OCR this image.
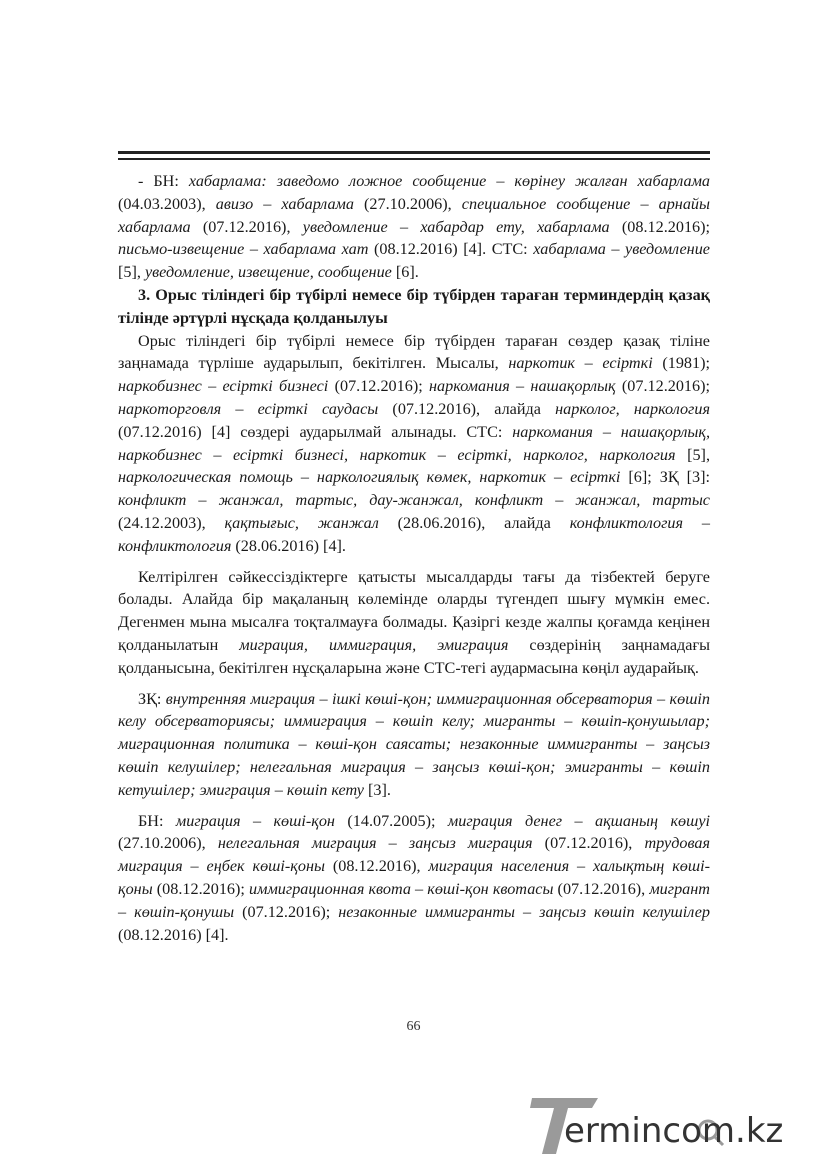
- БН: хабарлама: заведомо ложное сообщение – көрінеу жалған хабарлама (04.03.2003), авизо – хабарлама (27.10.2006), специальное сообщение – арнайы хабарлама (07.12.2016), уведомление – хабардар ету, хабарлама (08.12.2016); письмо-извещение – хабарлама хат (08.12.2016) [4]. СТС: хабарлама – уведомление [5], уведомление, извещение, сообщение [6].

3. Орыс тіліндегі бір түбірлі немесе бір түбірден тараған терминдердің қазақ тілінде әртүрлі нұсқада қолданылуы

Орыс тіліндегі бір түбірлі немесе бір түбірден тараған сөздер қазақ тіліне заңнамада түрліше аударылып, бекітілген. Мысалы, наркотик – есірткі (1981); наркобизнес – есірткі бизнесі (07.12.2016); наркомания – нашақорлық (07.12.2016); наркоторговля – есірткі саудасы (07.12.2016), алайда нарколог, наркология (07.12.2016) [4] сөздері аударылмай алынады. СТС: наркомания – нашақорлық, наркобизнес – есірткі бизнесі, наркотик – есірткі, нарколог, наркология [5], наркологическая помощь – наркологиялық көмек, наркотик – есірткі [6]; ЗҚ [3]: конфликт – жанжал, тартыс, дау-жанжал, конфликт – жанжал, тартыс (24.12.2003), қақтығыс, жанжал (28.06.2016), алайда конфликтология – конфликтология (28.06.2016) [4].

Келтірілген сәйкессіздіктерге қатысты мысалдарды тағы да тізбектей беруге болады. Алайда бір мақаланың көлемінде оларды түгендеп шығу мүмкін емес. Дегенмен мына мысалға тоқталмауға болмады. Қазіргі кезде жалпы қоғамда кеңінен қолданылатын миграция, иммиграция, эмиграция сөздерінің заңнамадағы қолданысына, бекітілген нұсқаларына және СТС-тегі аудармасына көңіл аударайық.

ЗҚ: внутренняя миграция – ішкі көші-қон; иммиграционная обсерватория – көшіп келу обсерваториясы; иммиграция – көшіп келу; мигранты – көшіп-қонушылар; миграционная политика – көші-қон саясаты; незаконные иммигранты – заңсыз көшіп келушілер; нелегальная миграция – заңсыз көші-қон; эмигранты – көшіп кетушілер; эмиграция – көшіп кету [3].

БН: миграция – көші-қон (14.07.2005); миграция денег – ақшаның көшуі (27.10.2006), нелегальная миграция – заңсыз миграция (07.12.2016), трудовая миграция – еңбек көші-қоны (08.12.2016), миграция населения – халықтың көші-қоны (08.12.2016); иммиграционная квота – көші-қон квотасы (07.12.2016), мигрант – көшіп-қонушы (07.12.2016); незаконные иммигранты – заңсыз көшіп келушілер (08.12.2016) [4].

66
ermincom.kz
